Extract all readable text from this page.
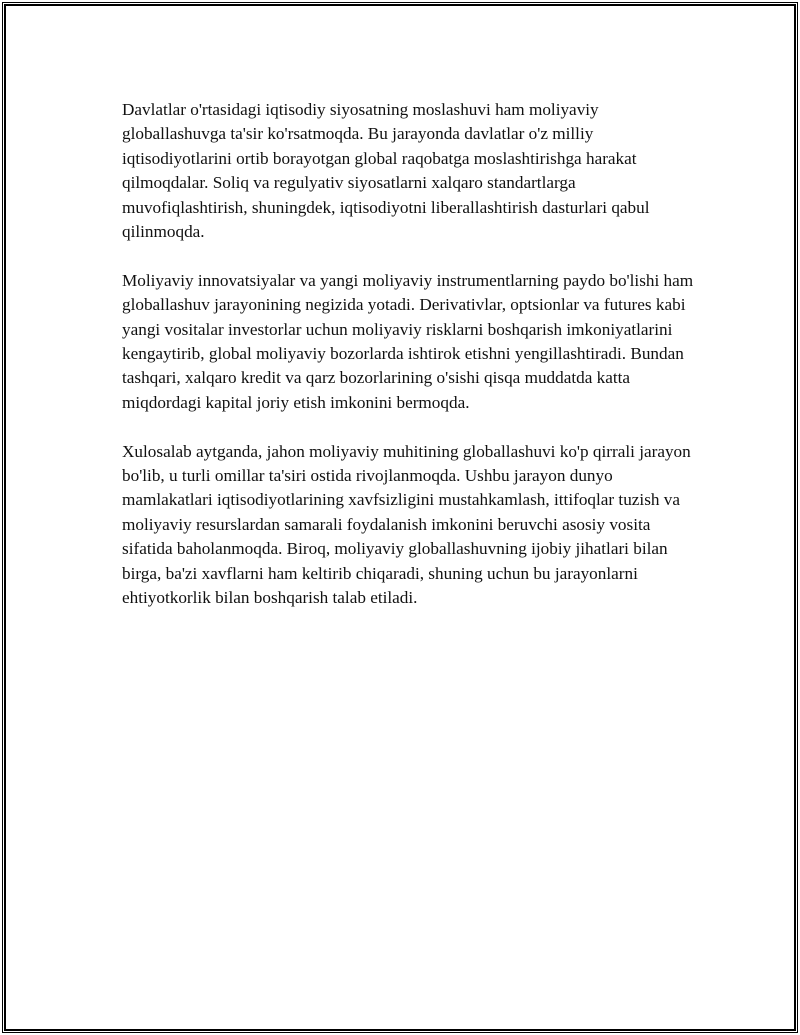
Davlatlar o'rtasidagi iqtisodiy siyosatning moslashuvi ham moliyaviy globallashuvga ta'sir ko'rsatmoqda. Bu jarayonda davlatlar o'z milliy iqtisodiyotlarini ortib borayotgan global raqobatga moslashtirishga harakat qilmoqdalar. Soliq va regulyativ siyosatlarni xalqaro standartlarga muvofiqlashtirish, shuningdek, iqtisodiyotni liberallashtirish dasturlari qabul qilinmoqda.

Moliyaviy innovatsiyalar va yangi moliyaviy instrumentlarning paydo bo'lishi ham globallashuv jarayonining negizida yotadi. Derivativlar, optsionlar va futures kabi yangi vositalar investorlar uchun moliyaviy risklarni boshqarish imkoniyatlarini kengaytirib, global moliyaviy bozorlarda ishtirok etishni yengillashtiradi. Bundan tashqari, xalqaro kredit va qarz bozorlarining o'sishi qisqa muddatda katta miqdordagi kapital joriy etish imkonini bermoqda.

Xulosalab aytganda, jahon moliyaviy muhitining globallashuvi ko'p qirrali jarayon bo'lib, u turli omillar ta'siri ostida rivojlanmoqda. Ushbu jarayon dunyo mamlakatlari iqtisodiyotlarining xavfsizligini mustahkamlash, ittifoqlar tuzish va moliyaviy resurslardan samarali foydalanish imkonini beruvchi asosiy vosita sifatida baholanmoqda. Biroq, moliyaviy globallashuvning ijobiy jihatlari bilan birga, ba'zi xavflarni ham keltirib chiqaradi, shuning uchun bu jarayonlarni ehtiyotkorlik bilan boshqarish talab etiladi.
